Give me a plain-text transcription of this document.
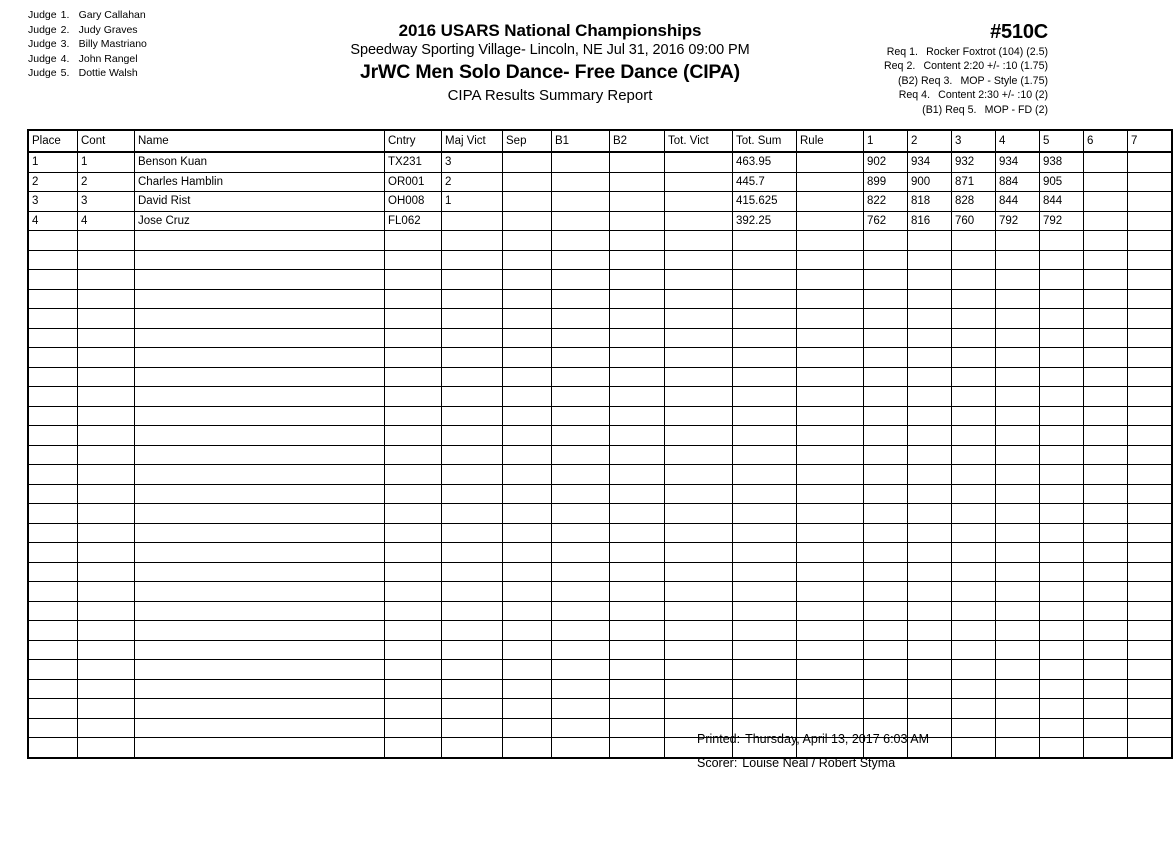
Judge 1. Gary Callahan
Judge 2. Judy Graves
Judge 3. Billy Mastriano
Judge 4. John Rangel
Judge 5. Dottie Walsh
2016 USARS National Championships
Speedway Sporting Village- Lincoln, NE Jul 31, 2016 09:00 PM
JrWC Men Solo Dance- Free Dance (CIPA)
CIPA Results Summary Report
#510C
Req 1. Rocker Foxtrot (104) (2.5)
Req 2. Content 2:20 +/- :10 (1.75)
(B2) Req 3. MOP - Style (1.75)
Req 4. Content 2:30 +/- :10 (2)
(B1) Req 5. MOP - FD (2)
Place	Cont	Name	Cntry	Maj Vict	Sep	B1	B2	Tot. Vict	Tot. Sum	Rule	1	2	3	4	5	6	7
1	1	Benson Kuan	TX231	3					463.95		902	934	932	934	938		
2	2	Charles Hamblin	OR001	2					445.7		899	900	871	884	905		
3	3	David Rist	OH008	1					415.625		822	818	828	844	844		
4	4	Jose Cruz	FL062						392.25		762	816	760	792	792		

Printed: Thursday, April 13, 2017 6:03 AM
Scorer: Louise Neal / Robert Styma
